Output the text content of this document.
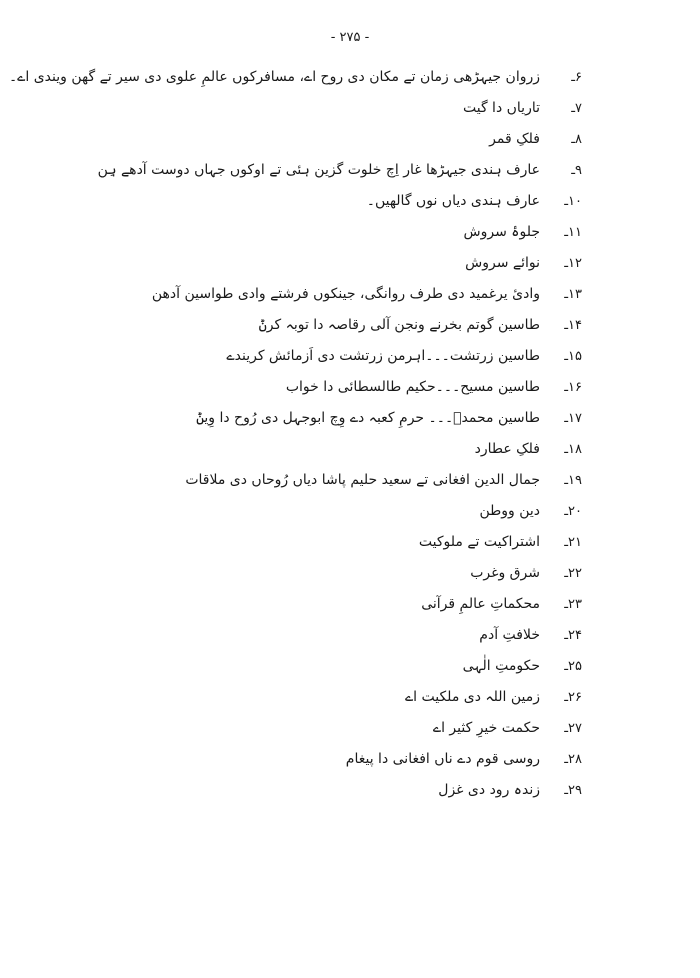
- ۲۷۵ -
۶ـ
زروان جیہڑھی زمان تے مکان دی روح اے، مسافرکوں عالمِ علوی دی سیر تے گھن ویندی اے۔
۷ـ
تاریاں دا گیت
۸ـ
فلکِ قمر
۹ـ
عارف ہندی جیہڑھا غار اِچ خلوت گزین ہئی تے اوکوں جہاں دوست آدھے ہِن
۱۰ـ
عارف ہندی دیاں نوں گالھیں۔
۱۱ـ
جلوۂ سروش
۱۲ـ
نوائے سروش
۱۳ـ
وادیٔ یرغمید دی طرف روانگی، جینکوں فرشتے وادی طواسین آدھن
۱۴ـ
طاسین گوتم بخرنے ونجن آلی رقاصہ دا توبہ کرݨ
۱۵ـ
طاسین زرتشت۔۔۔اہرمن زرتشت دی اَزمائش کریندے
۱۶ـ
طاسین مسیح۔۔۔حکیم طالسطائی دا خواب
۱۷ـ
طاسین محمدؐ۔۔۔ حرمِ کعبہ دے وِچ ابوجہل دی رُوح دا وِیݨ
۱۸ـ
فلکِ عطارد
۱۹ـ
جمال الدین افغانی تے سعید حلیم پاشا دیاں رُوحاں دی ملاقات
۲۰ـ
دین ووطن
۲۱ـ
اشتراکیت تے ملوکیت
۲۲ـ
شرق وغرب
۲۳ـ
محکماتِ عالمِ قرآنی
۲۴ـ
خلافتِ آدم
۲۵ـ
حکومتِ الٰہی
۲۶ـ
زمین اللہ دی ملکیت اے
۲۷ـ
حکمت خیرِ کثیر اے
۲۸ـ
روسی قوم دے ناں افغانی دا پیغام
۲۹ـ
زندہ رود دی غزل
